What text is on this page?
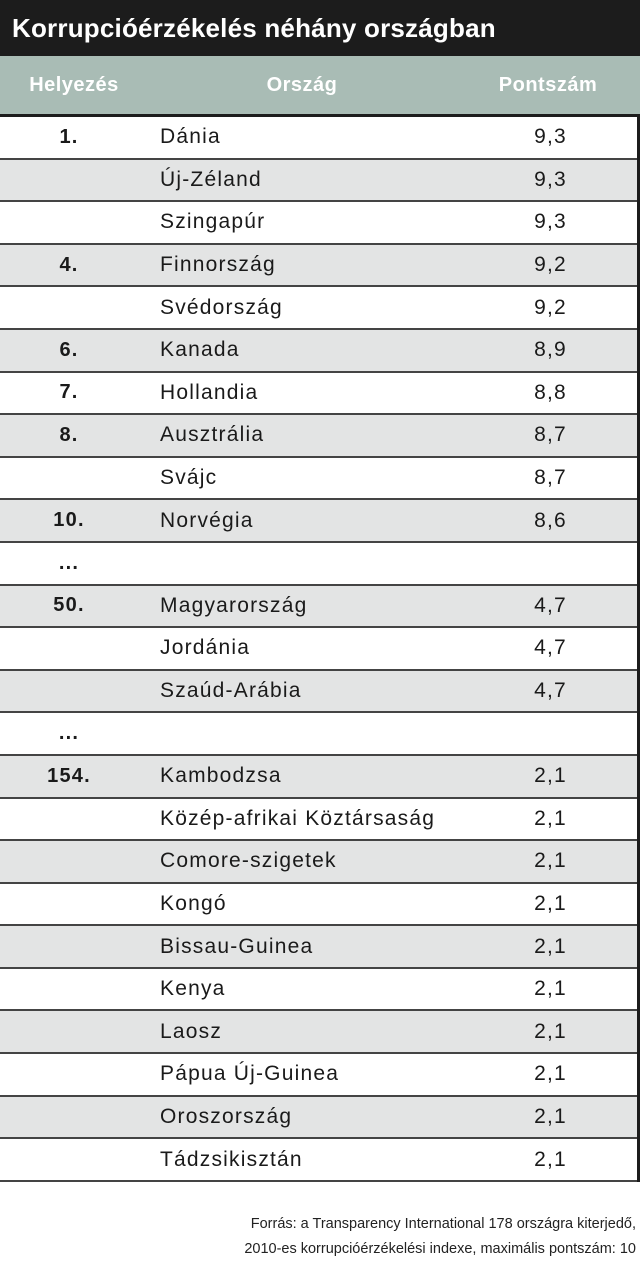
Korrupcióérzékelés néhány országban
Helyezés	Ország	Pontszám
1.	Dánia	9,3
Új-Zéland	9,3
Szingapúr	9,3
4.	Finnország	9,2
Svédország	9,2
6.	Kanada	8,9
7.	Hollandia	8,8
8.	Ausztrália	8,7
Svájc	8,7
10.	Norvégia	8,6
...
50.	Magyarország	4,7
Jordánia	4,7
Szaúd-Arábia	4,7
...
154.	Kambodzsa	2,1
Közép-afrikai Köztársaság	2,1
Comore-szigetek	2,1
Kongó	2,1
Bissau-Guinea	2,1
Kenya	2,1
Laosz	2,1
Pápua Új-Guinea	2,1
Oroszország	2,1
Tádzsikisztán	2,1
Forrás: a Transparency International 178 országra kiterjedő,
2010-es korrupcióérzékelési indexe, maximális pontszám: 10
